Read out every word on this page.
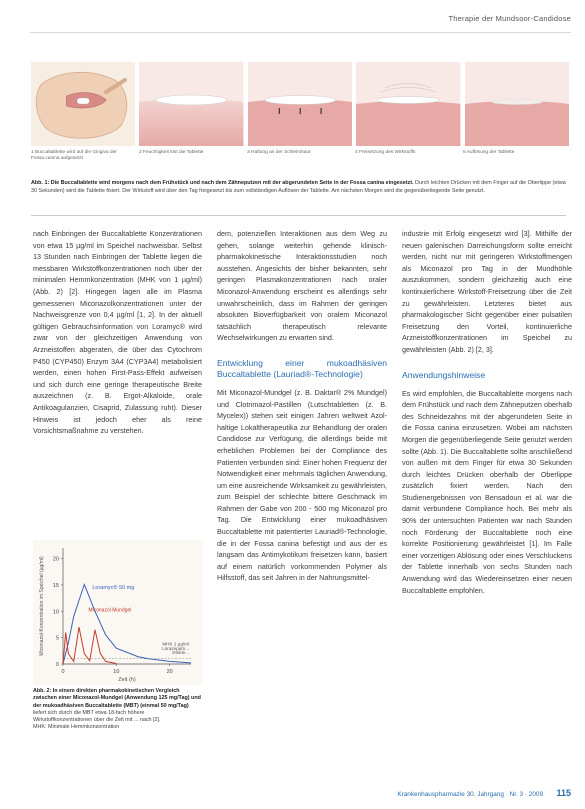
Therapie der Mundsoor-Candidose
1 Buccaltablette wird auf die Gingiva der Fossa canina aufgesetzt
2 Feuchtigkeit löst die Tablette	3 Haftung an der Schleimhaut	4 Freisetzung des Wirkstoffs	5 Auflösung der Tablette
Abb. 1: Die Buccaltablette wird morgens nach dem Frühstück und nach dem Zähneputzen mit der abgerundeten Seite in der Fossa canina eingesetzt. Durch leichten Drücken mit dem Finger auf die Oberlippe (etwa 30 Sekunden) wird die Tablette fixiert. Der Wirkstoff wird über den Tag freigesetzt bis zum vollständigen Auflösen der Tablette. Am nächsten Morgen wird die gegenüberliegende Seite genutzt.

nach Einbringen der Buccaltablette Konzentrationen von etwa 15 µg/ml im Speichel nachweisbar. Selbst 13 Stunden nach Einbringen der Tablette liegen die messbaren Wirkstoffkonzentrationen noch über der minimalen Hemmkonzentration (MHK von 1 µg/ml) (Abb. 2) [2]. Hingegen lagen alle im Plasma gemessenen Miconazolkonzentrationen unter der Nachweisgrenze von 0,4 µg/ml [1, 2]. In der aktuell gültigen Gebrauchsinformation von Loramyc® wird zwar von der gleichzeitigen Anwendung von Arzneistoffen abgeraten, die über das Cytochrom P450 (CYP450) Enzym 3A4 (CYP3A4) metabolisiert werden, einen hohen First-Pass-Effekt aufweisen und sich durch eine geringe therapeutische Breite auszeichnen (z. B. Ergot-Alkaloide, orale Antikoagulanzien, Cisaprid, Zulassung ruht). Dieser Hinweis ist jedoch eher als reine Vorsichtsmaßnahme zu verstehen.

0
5
10
15
20
0	10	20
Miconazol-Konzentration im Speichel (µg/ml)
Zeit (h)
Loramyc® 50 mg
Miconazol Mundgel
MHK 1 µg/ml
Lorazepam...
Dinkle...
Abb. 2: In einem direkten pharmakokinetischen Vergleich zwischen einer Miconazol-Mundgel (Anwendung 125 mg/Tag) und der mukoadhäsiven Buccaltablette (MBT) (einmal 50 mg/Tag) liefert sich durch die MBT etwa 18-fach höhere Wirkstoffkonzentrationen über die Zeit mit ... nach [2].
MHK: Minimale Hemmkonzentration

dem, potenziellen Interaktionen aus dem Weg zu gehen, solange weiterhin gehende klinisch-pharmakokinetische Interaktionsstudien noch ausstehen. Angesichts der bisher bekannten, sehr geringen Plasmakonzentrationen nach oraler Miconazol-Anwendung erscheint es allerdings sehr unwahrscheinlich, dass im Rahmen der geringen absoluten Bioverfügbarkeit von oralem Miconazol tatsächlich therapeutisch relevante Wechselwirkungen zu erwarten sind.

Entwicklung einer mukoadhäsiven Buccaltablette (Lauriad®-Technologie)

Mit Miconazol-Mundgel (z. B. Daktar® 2% Mundgel) und Clotrimazol-Pastillen (Lutschtabletten (z. B. Mycelex)) stehen seit einigen Jahren weltweit Azol-haltige Lokaltherapeutika zur Behandlung der oralen Candidose zur Verfügung, die allerdings beide mit erheblichen Problemen bei der Compliance des Patienten verbunden sind: Einer hohen Frequenz der Notwendigkeit einer mehrmals täglichen Anwendung, um eine ausreichende Wirksamkeit zu gewährleisten, zum Beispiel der schlechte bittere Geschmack im Rahmen der Gabe von 200 - 500 mg Miconazol pro Tag. Die Entwicklung einer mukoadhäsiven Buccaltablette mit patentierter Lauriad®-Technologie, die in der Fossa canina befestigt und aus der es langsam das Antimykotikum freisetzen kann, basiert auf einem natürlich vorkommenden Polymer als Hilfsstoff, das seit Jahren in der Nahrungsmittel-

industrie mit Erfolg eingesetzt wird [3]. Mithilfe der neuen galenischen Darreichungsform sollte erreicht werden, nicht nur mit geringeren Wirkstoffmengen als Miconazol pro Tag in der Mundhöhle auszukommen, sondern gleichzeitig auch eine kontinuierlichere Wirkstoff-Freisetzung über die Zeit zu gewährleisten. Letzteres bietet aus pharmakologischer Sicht gegenüber einer pulsatilen Freisetzung den Vorteil, kontinuierliche Arzneistoffkonzentrationen im Speichel zu gewährleisten (Abb. 2) [2, 3].

Anwendungshinweise

Es wird empfohlen, die Buccaltablette morgens nach dem Frühstück und nach dem Zähneputzen oberhalb des Schneidezahns mit der abgerundeten Seite in die Fossa canina einzusetzen. Wobei am nächsten Morgen die gegenüberliegende Seite genutzt werden sollte (Abb. 1). Die Buccaltablette sollte anschließend von außen mit dem Finger für etwa 30 Sekunden durch leichtes Drücken oberhalb der Oberlippe zusätzlich fixiert werden. Nach den Studienergebnissen von Bensadoun et al. war die damit verbundene Compliance hoch. Bei mehr als 90% der untersuchten Patienten war nach Stunden noch Förderung der Buccaltablette noch eine korrekte Positionierung gewährleistet [1]. Im Falle einer vorzeitigen Ablösung oder eines Verschluckens der Tablette innerhalb von sechs Stunden nach Anwendung wird das Wiedereinsetzen einer neuen Buccaltablette empfohlen.

Krankenhauspharmazie 30. Jahrgang · Nr. 3 · 2009 115
